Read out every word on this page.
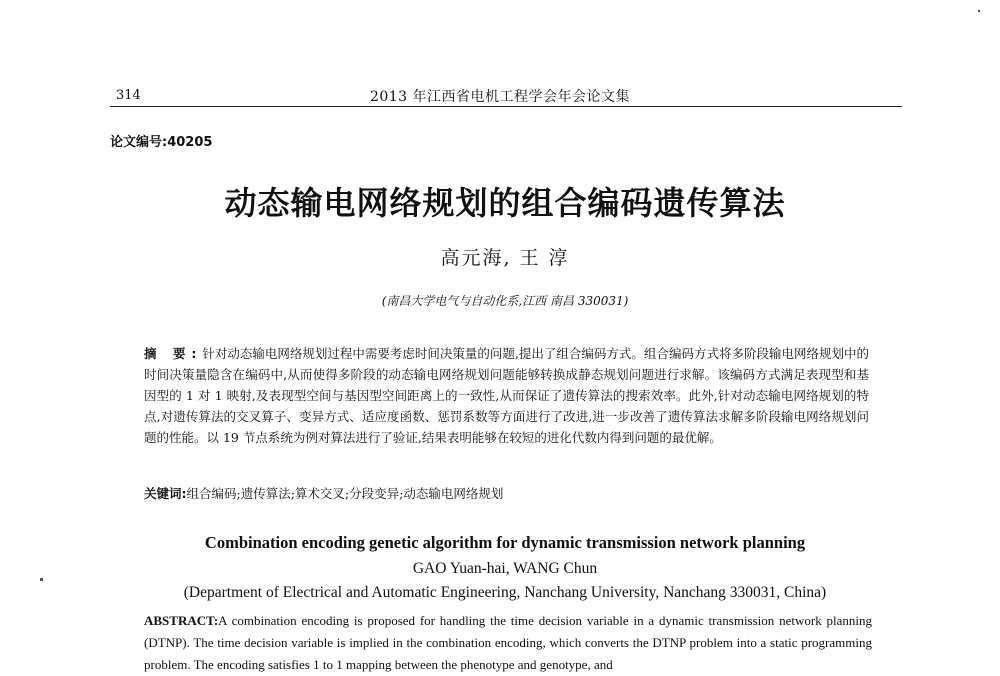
314	2013 年江西省电机工程学会年会论文集
论文编号:40205
动态输电网络规划的组合编码遗传算法
高元海, 王 淳
(南昌大学电气与自动化系,江西 南昌 330031)
摘 要:针对动态输电网络规划过程中需要考虑时间决策量的问题,提出了组合编码方式。组合编码方式将多阶段输电网络规划中的时间决策量隐含在编码中,从而使得多阶段的动态输电网络规划问题能够转换成静态规划问题进行求解。该编码方式满足表现型和基因型的 1 对 1 映射,及表现型空间与基因型空间距离上的一致性,从而保证了遗传算法的搜索效率。此外,针对动态输电网络规划的特点,对遗传算法的交叉算子、变异方式、适应度函数、惩罚系数等方面进行了改进,进一步改善了遗传算法求解多阶段输电网络规划问题的性能。以 19 节点系统为例对算法进行了验证,结果表明能够在较短的进化代数内得到问题的最优解。
关键词:组合编码;遗传算法;算术交叉;分段变异;动态输电网络规划
Combination encoding genetic algorithm for dynamic transmission network planning
GAO Yuan-hai, WANG Chun
(Department of Electrical and Automatic Engineering, Nanchang University, Nanchang 330031, China)
ABSTRACT:A combination encoding is proposed for handling the time decision variable in a dynamic transmission network planning (DTNP). The time decision variable is implied in the combination encoding, which converts the DTNP problem into a static programming problem. The encoding satisfies 1 to 1 mapping between the phenotype and genotype, and
